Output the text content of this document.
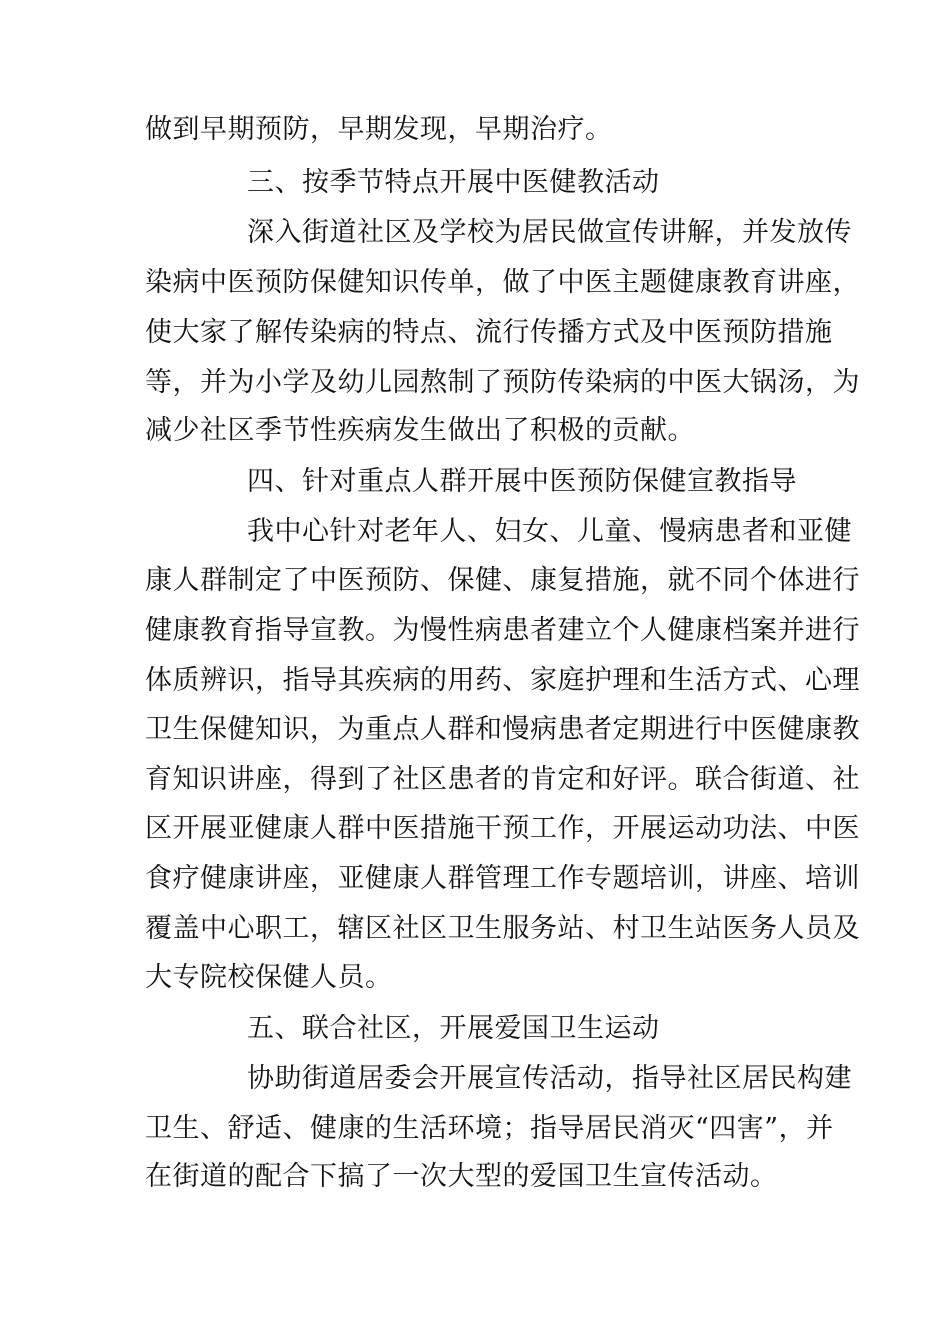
做到早期预防，早期发现，早期治疗。
三、按季节特点开展中医健教活动
深入街道社区及学校为居民做宣传讲解，并发放传
染病中医预防保健知识传单，做了中医主题健康教育讲座，
使大家了解传染病的特点、流行传播方式及中医预防措施
等，并为小学及幼儿园熬制了预防传染病的中医大锅汤，为
减少社区季节性疾病发生做出了积极的贡献。
四、针对重点人群开展中医预防保健宣教指导
我中心针对老年人、妇女、儿童、慢病患者和亚健
康人群制定了中医预防、保健、康复措施，就不同个体进行
健康教育指导宣教。为慢性病患者建立个人健康档案并进行
体质辨识，指导其疾病的用药、家庭护理和生活方式、心理
卫生保健知识，为重点人群和慢病患者定期进行中医健康教
育知识讲座，得到了社区患者的肯定和好评。联合街道、社
区开展亚健康人群中医措施干预工作，开展运动功法、中医
食疗健康讲座，亚健康人群管理工作专题培训，讲座、培训
覆盖中心职工，辖区社区卫生服务站、村卫生站医务人员及
大专院校保健人员。
五、联合社区，开展爱国卫生运动
协助街道居委会开展宣传活动，指导社区居民构建
卫生、舒适、健康的生活环境；指导居民消灭“四害”，并
在街道的配合下搞了一次大型的爱国卫生宣传活动。
